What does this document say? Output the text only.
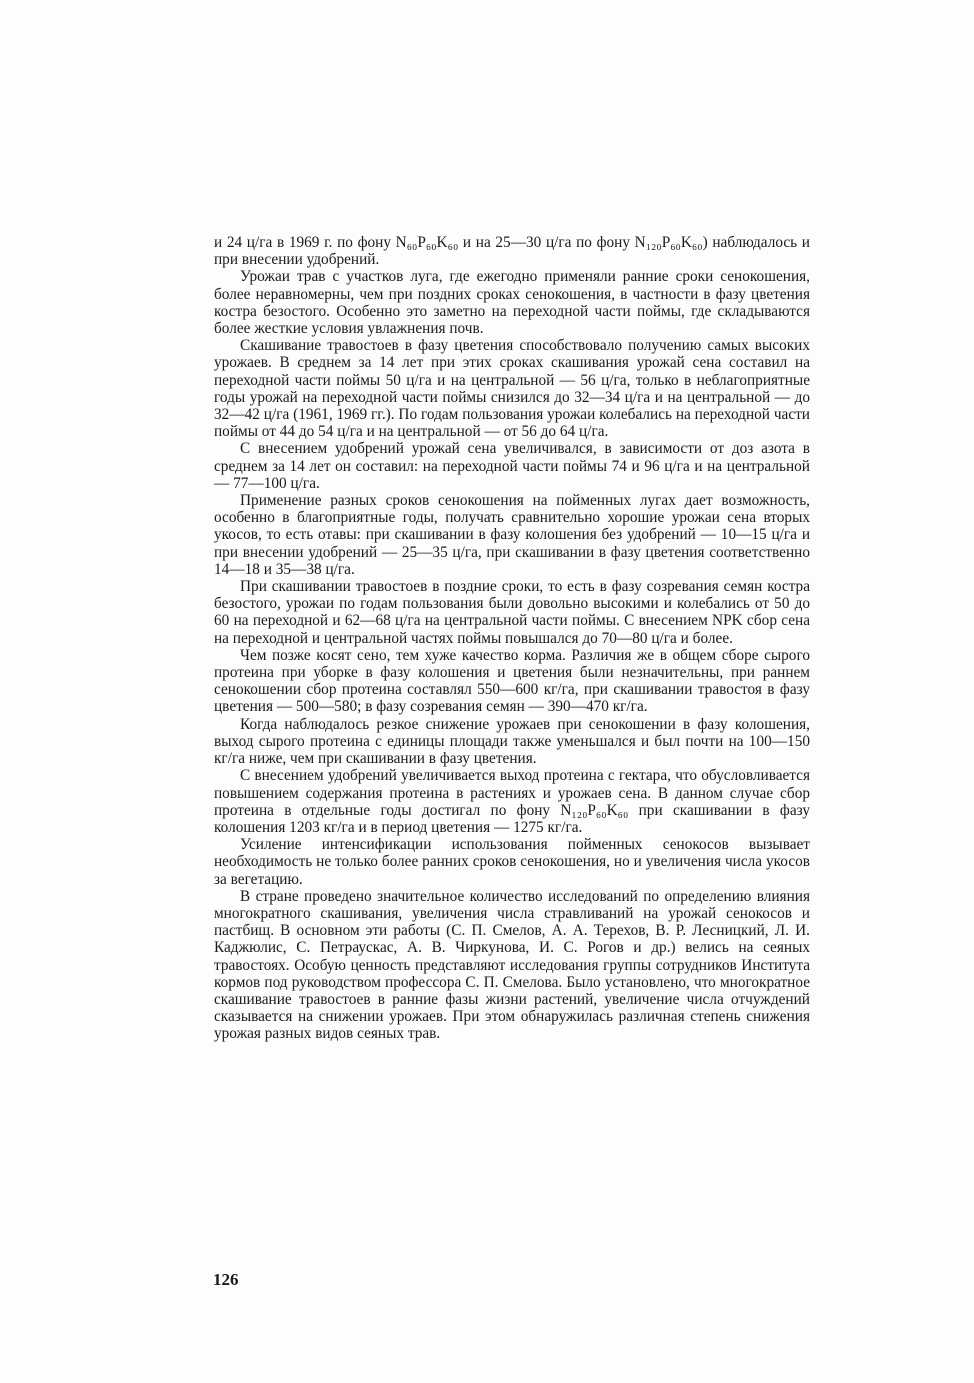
и 24 ц/га в 1969 г. по фону N₆₀P₆₀K₆₀ и на 25—30 ц/га по фону N₁₂₀P₆₀K₆₀) наблюдалось и при внесении удобрений.

Урожаи трав с участков луга, где ежегодно применяли ранние сроки сенокошения, более неравномерны, чем при поздних сроках сенокошения, в частности в фазу цветения костра безостого. Особенно это заметно на переходной части поймы, где складываются более жесткие условия увлажнения почв.

Скашивание травостоев в фазу цветения способствовало получению самых высоких урожаев. В среднем за 14 лет при этих сроках скашивания урожай сена составил на переходной части поймы 50 ц/га и на центральной — 56 ц/га, только в неблагоприятные годы урожай на переходной части поймы снизился до 32—34 ц/га и на центральной — до 32—42 ц/га (1961, 1969 гг.). По годам пользования урожаи колебались на переходной части поймы от 44 до 54 ц/га и на центральной — от 56 до 64 ц/га.

С внесением удобрений урожай сена увеличивался, в зависимости от доз азота в среднем за 14 лет он составил: на переходной части поймы 74 и 96 ц/га и на центральной — 77—100 ц/га.

Применение разных сроков сенокошения на пойменных лугах дает возможность, особенно в благоприятные годы, получать сравнительно хорошие урожаи сена вторых укосов, то есть отавы: при скашивании в фазу колошения без удобрений — 10—15 ц/га и при внесении удобрений — 25—35 ц/га, при скашивании в фазу цветения соответственно 14—18 и 35—38 ц/га.

При скашивании травостоев в поздние сроки, то есть в фазу созревания семян костра безостого, урожаи по годам пользования были довольно высокими и колебались от 50 до 60 на переходной и 62—68 ц/га на центральной части поймы. С внесением NPK сбор сена на переходной и центральной частях поймы повышался до 70—80 ц/га и более.

Чем позже косят сено, тем хуже качество корма. Различия же в общем сборе сырого протеина при уборке в фазу колошения и цветения были незначительны, при раннем сенокошении сбор протеина составлял 550—600 кг/га, при скашивании травостоя в фазу цветения — 500—580; в фазу созревания семян — 390—470 кг/га.

Когда наблюдалось резкое снижение урожаев при сенокошении в фазу колошения, выход сырого протеина с единицы площади также уменьшался и был почти на 100—150 кг/га ниже, чем при скашивании в фазу цветения.

С внесением удобрений увеличивается выход протеина с гектара, что обусловливается повышением содержания протеина в растениях и урожаев сена. В данном случае сбор протеина в отдельные годы достигал по фону N₁₂₀P₆₀K₆₀ при скашивании в фазу колошения 1203 кг/га и в период цветения — 1275 кг/га.

Усиление интенсификации использования пойменных сенокосов вызывает необходимость не только более ранних сроков сенокошения, но и увеличения числа укосов за вегетацию.

В стране проведено значительное количество исследований по определению влияния многократного скашивания, увеличения числа стравливаний на урожай сенокосов и пастбищ. В основном эти работы (С. П. Смелов, А. А. Терехов, В. Р. Лесницкий, Л. И. Каджюлис, С. Петраускас, А. В. Чиркунова, И. С. Рогов и др.) велись на сеяных травостоях. Особую ценность представляют исследования группы сотрудников Института кормов под руководством профессора С. П. Смелова. Было установлено, что многократное скашивание травостоев в ранние фазы жизни растений, увеличение числа отчуждений сказывается на снижении урожаев. При этом обнаружилась различная степень снижения урожая разных видов сеяных трав.

126
